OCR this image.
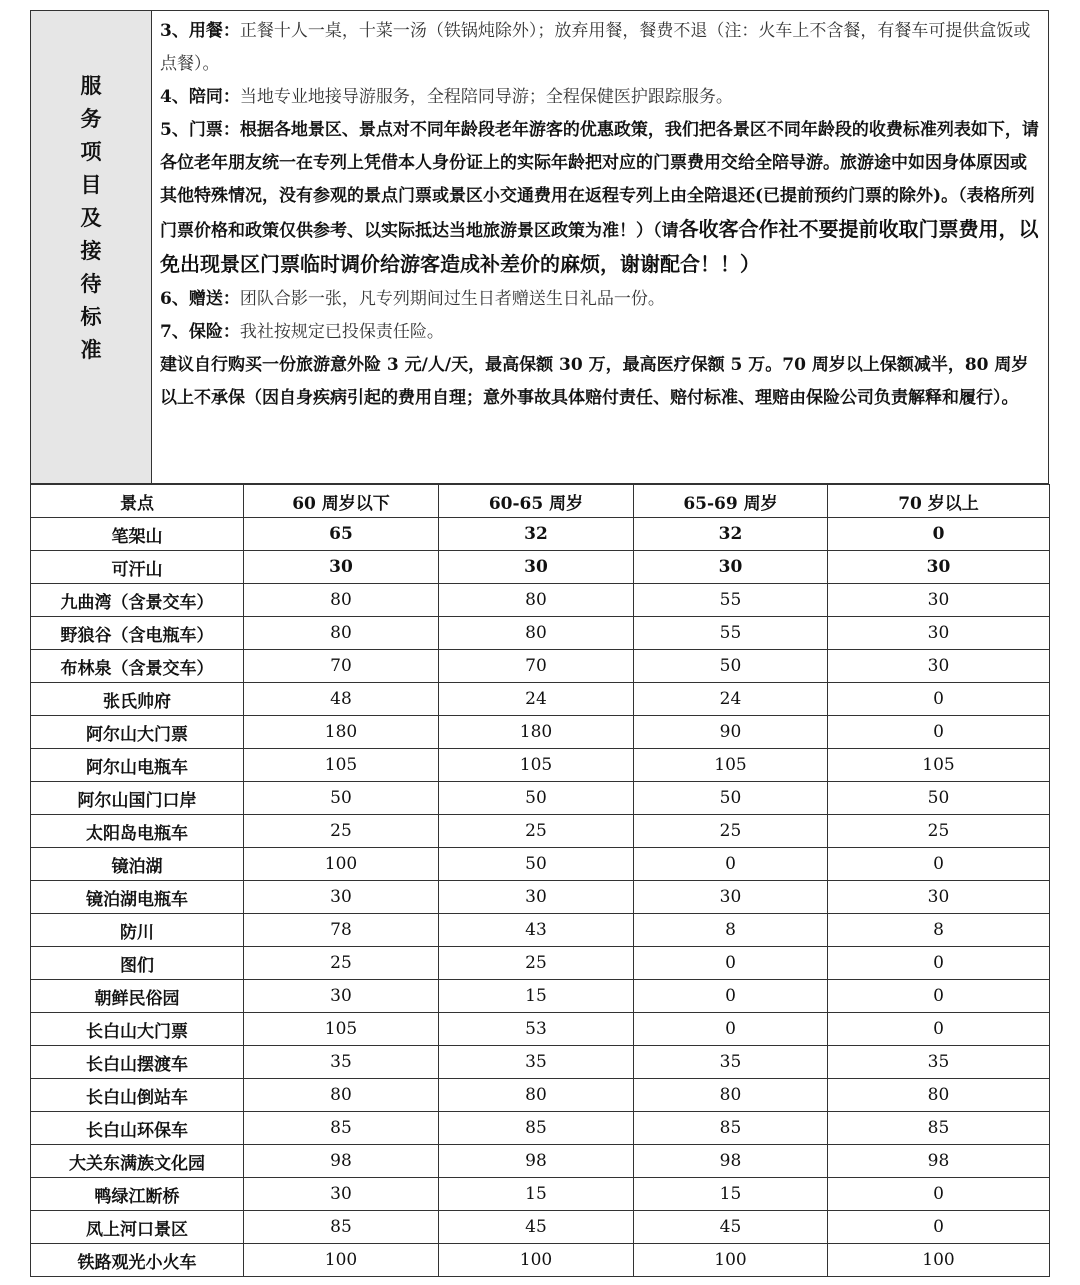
服务
项目
及
接待
标准

3、用餐：正餐十人一桌，十菜一汤（铁锅炖除外）；放弃用餐，餐费不退（注：火车上不含餐，有餐车可提供盒饭或点餐）。

4、陪同：当地专业地接导游服务，全程陪同导游；全程保健医护跟踪服务。

5、门票：根据各地景区、景点对不同年龄段老年游客的优惠政策，我们把各景区不同年龄段的收费标准列表如下，请各位老年朋友统一在专列上凭借本人身份证上的实际年龄把对应的门票费用交给全陪导游。旅游途中如因身体原因或其他特殊情况，没有参观的景点门票或景区小交通费用在返程专列上由全陪退还(已提前预约门票的除外)。（表格所列门票价格和政策仅供参考、以实际抵达当地旅游景区政策为准！）（请各收客合作社不要提前收取门票费用，以免出现景区门票临时调价给游客造成补差价的麻烦，谢谢配合！！）

6、赠送：团队合影一张，凡专列期间过生日者赠送生日礼品一份。

7、保险：我社按规定已投保责任险。

建议自行购买一份旅游意外险 3 元/人/天，最高保额 30 万，最高医疗保额 5 万。70 周岁以上保额减半，80 周岁以上不承保（因自身疾病引起的费用自理；意外事故具体赔付责任、赔付标准、理赔由保险公司负责解释和履行）。

景点	60 周岁以下	60-65 周岁	65-69 周岁	70 岁以上
笔架山	65	32	32	0
可汗山	30	30	30	30
九曲湾（含景交车）	80	80	55	30
野狼谷（含电瓶车）	80	80	55	30
布林泉（含景交车）	70	70	50	30
张氏帅府	48	24	24	0
阿尔山大门票	180	180	90	0
阿尔山电瓶车	105	105	105	105
阿尔山国门口岸	50	50	50	50
太阳岛电瓶车	25	25	25	25
镜泊湖	100	50	0	0
镜泊湖电瓶车	30	30	30	30
防川	78	43	8	8
图们	25	25	0	0
朝鲜民俗园	30	15	0	0
长白山大门票	105	53	0	0
长白山摆渡车	35	35	35	35
长白山倒站车	80	80	80	80
长白山环保车	85	85	85	85
大关东满族文化园	98	98	98	98
鸭绿江断桥	30	15	15	0
凤上河口景区	85	45	45	0
铁路观光小火车	100	100	100	100
